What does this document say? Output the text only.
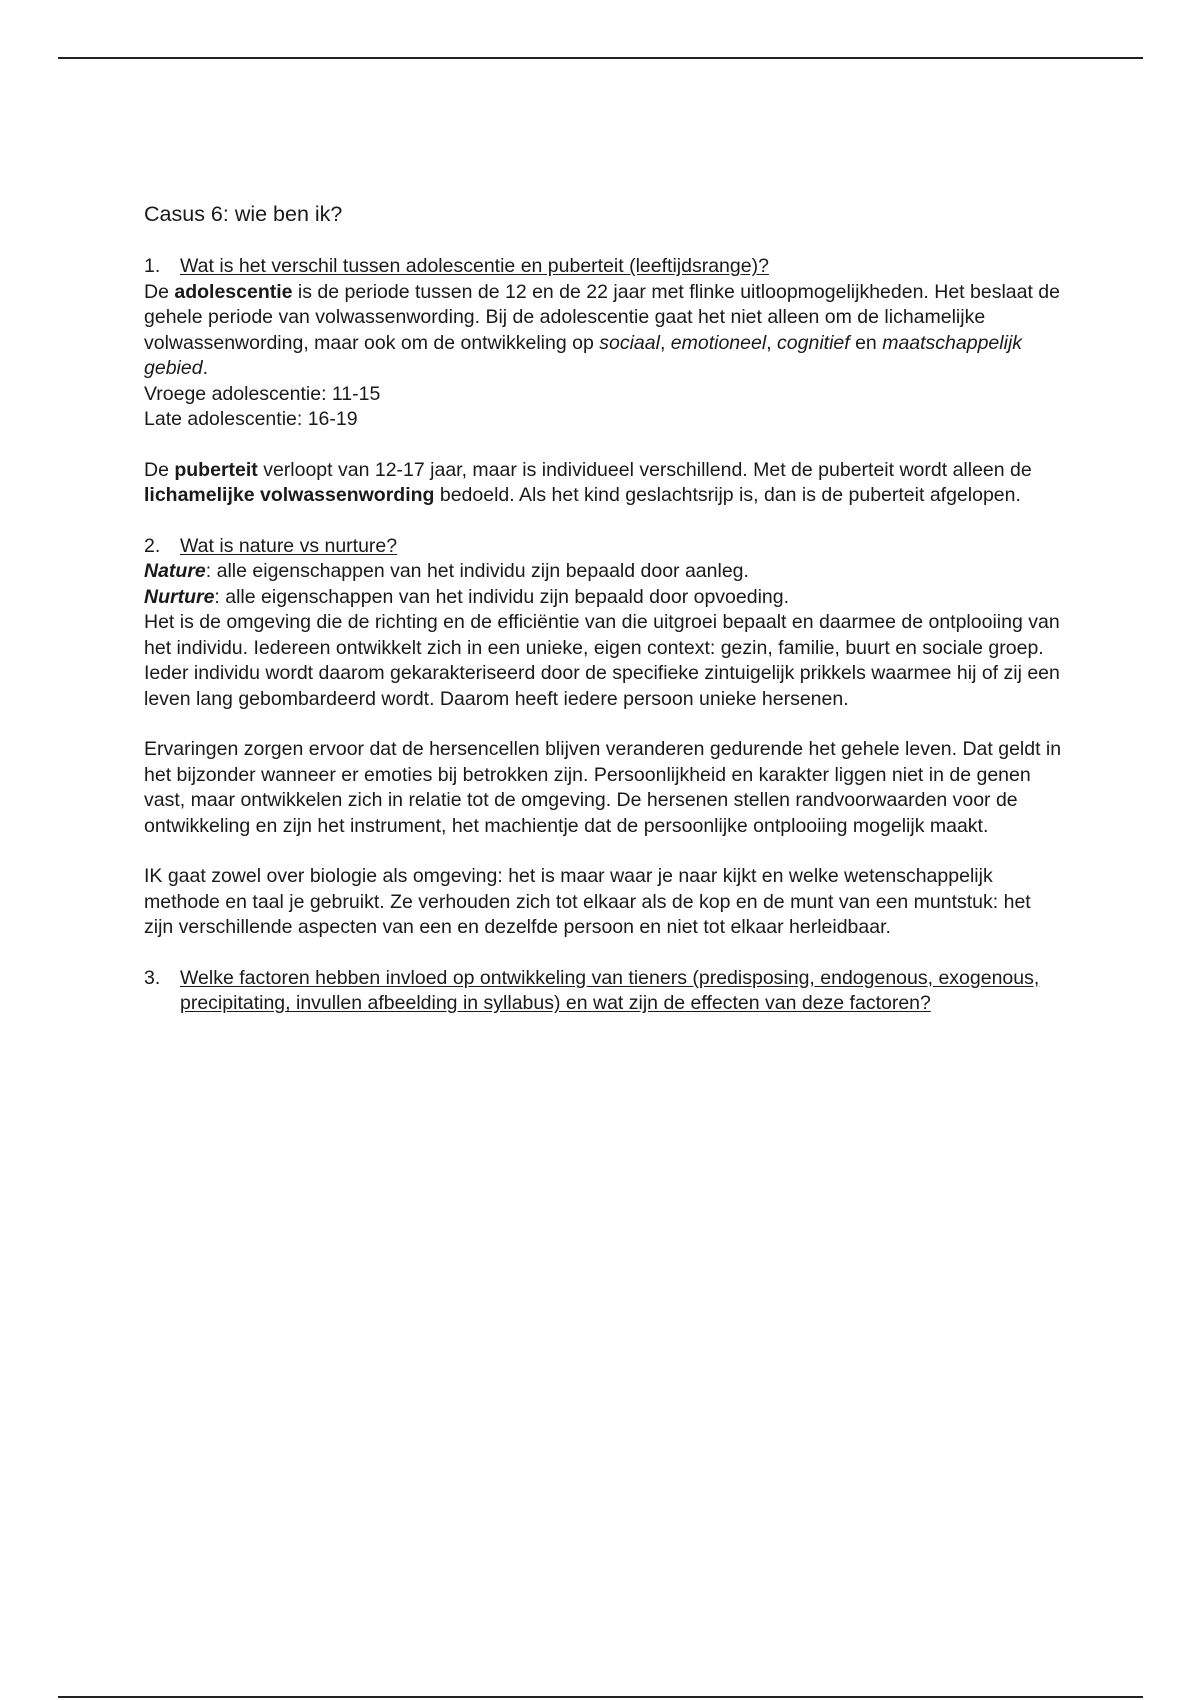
Casus 6: wie ben ik?
1. Wat is het verschil tussen adolescentie en puberteit (leeftijdsrange)?

De adolescentie is de periode tussen de 12 en de 22 jaar met flinke uitloopmogelijkheden. Het beslaat de gehele periode van volwassenwording. Bij de adolescentie gaat het niet alleen om de lichamelijke volwassenwording, maar ook om de ontwikkeling op sociaal, emotioneel, cognitief en maatschappelijk gebied.

Vroege adolescentie: 11-15

Late adolescentie: 16-19

De puberteit verloopt van 12-17 jaar, maar is individueel verschillend. Met de puberteit wordt alleen de lichamelijke volwassenwording bedoeld. Als het kind geslachtsrijp is, dan is de puberteit afgelopen.

2. Wat is nature vs nurture?

Nature: alle eigenschappen van het individu zijn bepaald door aanleg.

Nurture: alle eigenschappen van het individu zijn bepaald door opvoeding.

Het is de omgeving die de richting en de efficiëntie van die uitgroei bepaalt en daarmee de ontplooiing van het individu. Iedereen ontwikkelt zich in een unieke, eigen context: gezin, familie, buurt en sociale groep. Ieder individu wordt daarom gekarakteriseerd door de specifieke zintuigelijk prikkels waarmee hij of zij een leven lang gebombardeerd wordt. Daarom heeft iedere persoon unieke hersenen.

Ervaringen zorgen ervoor dat de hersencellen blijven veranderen gedurende het gehele leven. Dat geldt in het bijzonder wanneer er emoties bij betrokken zijn. Persoonlijkheid en karakter liggen niet in de genen vast, maar ontwikkelen zich in relatie tot de omgeving. De hersenen stellen randvoorwaarden voor de ontwikkeling en zijn het instrument, het machientje dat de persoonlijke ontplooiing mogelijk maakt.

IK gaat zowel over biologie als omgeving: het is maar waar je naar kijkt en welke wetenschappelijk methode en taal je gebruikt. Ze verhouden zich tot elkaar als de kop en de munt van een muntstuk: het zijn verschillende aspecten van een en dezelfde persoon en niet tot elkaar herleidbaar.

3. Welke factoren hebben invloed op ontwikkeling van tieners (predisposing, endogenous, exogenous, precipitating, invullen afbeelding in syllabus) en wat zijn de effecten van deze factoren?
